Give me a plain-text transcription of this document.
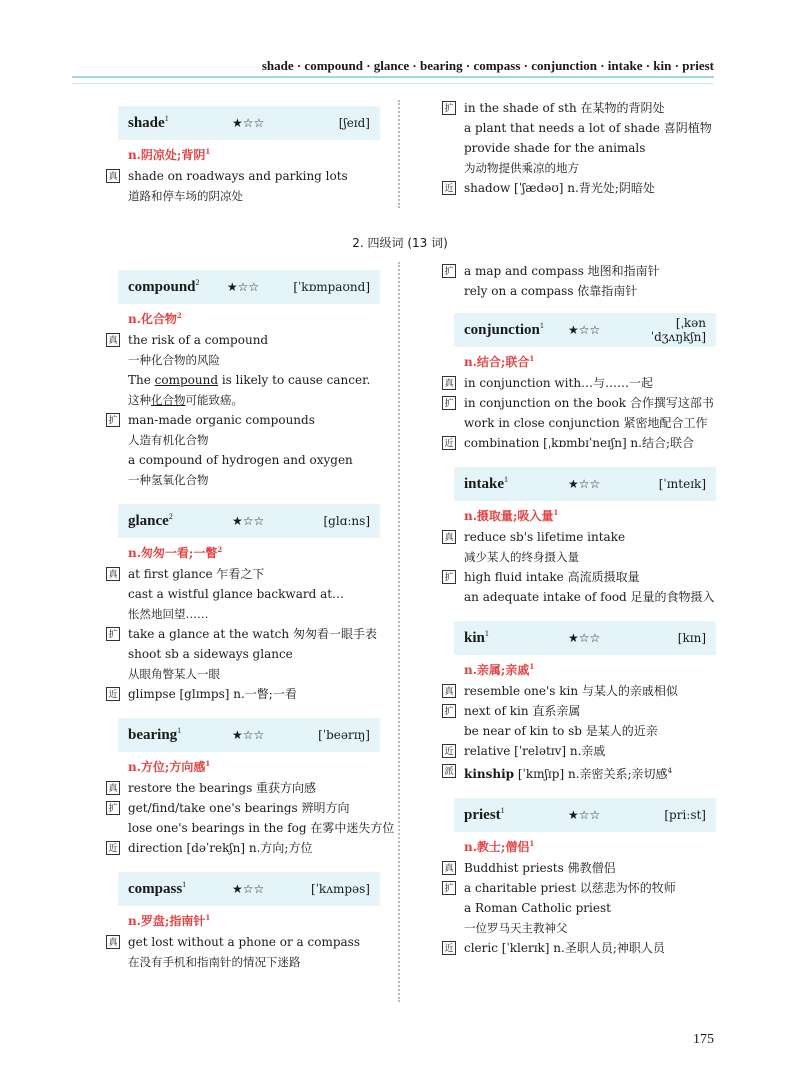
shade · compound · glance · bearing · compass · conjunction · intake · kin · priest
shade$^1$	★☆☆	[ʃeɪd]
n.阴凉处;背阴$^1$
真 shade on roadways and parking lots
道路和停车场的阴凉处
扩 in the shade of sth 在某物的背阴处
a plant that needs a lot of shade 喜阴植物
provide shade for the animals
为动物提供乘凉的地方
近 shadow [ˈʃædəʊ] n.背光处;阴暗处
2. 四级词 (13 词)
compound$^2$	★☆☆	[ˈkɒmpaʊnd]
n.化合物$^2$
真 the risk of a compound
一种化合物的风险
The compound is likely to cause cancer.
这种化合物可能致癌。
扩 man-made organic compounds
人造有机化合物
a compound of hydrogen and oxygen
一种氢氧化合物
glance$^2$	★☆☆	[glɑːns]
n.匆匆一看;一瞥$^2$
真 at first glance 乍看之下
cast a wistful glance backward at…
怅然地回望……
扩 take a glance at the watch 匆匆看一眼手表
shoot sb a sideways glance
从眼角瞥某人一眼
近 glimpse [glɪmps] n.一瞥;一看
bearing$^1$	★☆☆	[ˈbeərɪŋ]
n.方位;方向感$^1$
真 restore the bearings 重获方向感
扩 get/find/take one's bearings 辨明方向
lose one's bearings in the fog 在雾中迷失方位
近 direction [dəˈrekʃn] n.方向;方位
compass$^1$	★☆☆	[ˈkʌmpəs]
n.罗盘;指南针$^1$
真 get lost without a phone or a compass
在没有手机和指南针的情况下迷路
扩 a map and compass 地图和指南针
rely on a compass 依靠指南针
conjunction$^1$	★☆☆	[ˌkənˈdʒʌŋkʃn]
n.结合;联合$^1$
真 in conjunction with…与……一起
扩 in conjunction on the book 合作撰写这部书
work in close conjunction 紧密地配合工作
近 combination [ˌkɒmbɪˈneɪʃn] n.结合;联合
intake$^1$	★☆☆	[ˈɪnteɪk]
n.摄取量;吸入量$^1$
真 reduce sb's lifetime intake
减少某人的终身摄入量
扩 high fluid intake 高流质摄取量
an adequate intake of food 足量的食物摄入
kin$^1$	★☆☆	[kɪn]
n.亲属;亲戚$^1$
真 resemble one's kin 与某人的亲戚相似
扩 next of kin 直系亲属
be near of kin to sb 是某人的近亲
近 relative [ˈrelətɪv] n.亲戚
派 kinship [ˈkɪnʃɪp] n.亲密关系;亲切感$^4$
priest$^1$	★☆☆	[priːst]
n.教士;僧侣$^1$
真 Buddhist priests 佛教僧侣
扩 a charitable priest 以慈悲为怀的牧师
a Roman Catholic priest
一位罗马天主教神父
近 cleric [ˈklerɪk] n.圣职人员;神职人员
175
